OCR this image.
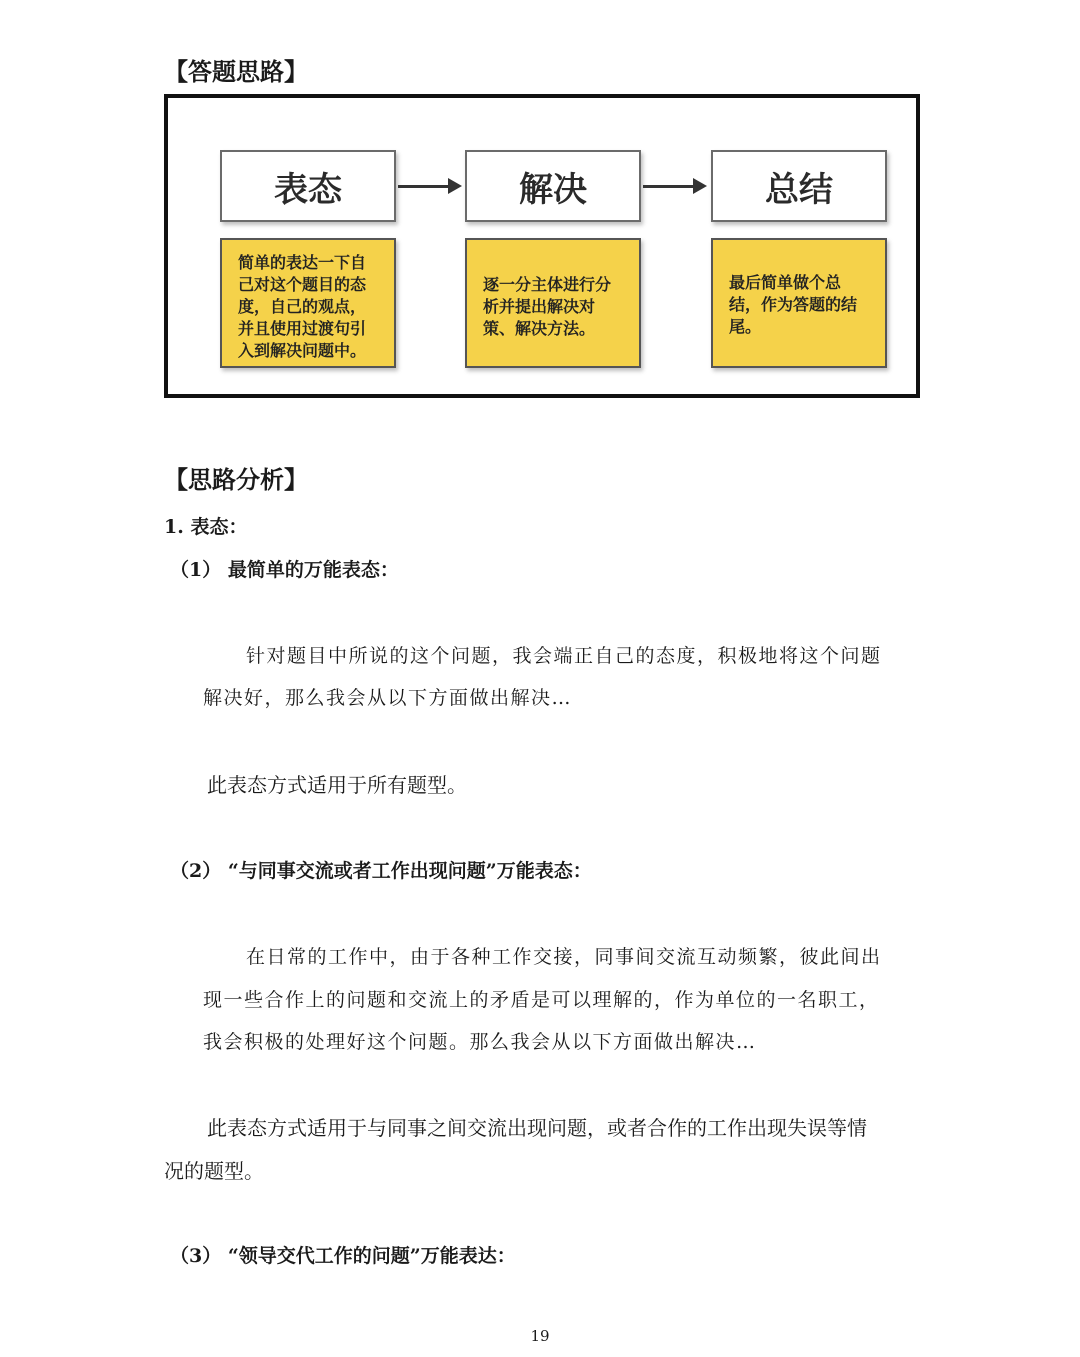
【答题思路】
表态	解决	总结
简单的表达一下自己对这个题目的态度，自己的观点，并且使用过渡句引入到解决问题中。
逐一分主体进行分析并提出解决对策、解决方法。
最后简单做个总结，作为答题的结尾。
【思路分析】
1. 表态：
（1） 最简单的万能表态：
针对题目中所说的这个问题，我会端正自己的态度，积极地将这个问题
解决好，那么我会从以下方面做出解决…
此表态方式适用于所有题型。
（2） “与同事交流或者工作出现问题”万能表态：
在日常的工作中，由于各种工作交接，同事间交流互动频繁，彼此间出
现一些合作上的问题和交流上的矛盾是可以理解的，作为单位的一名职工，
我会积极的处理好这个问题。那么我会从以下方面做出解决…
此表态方式适用于与同事之间交流出现问题，或者合作的工作出现失误等情
况的题型。
（3） “领导交代工作的问题”万能表达：
19
